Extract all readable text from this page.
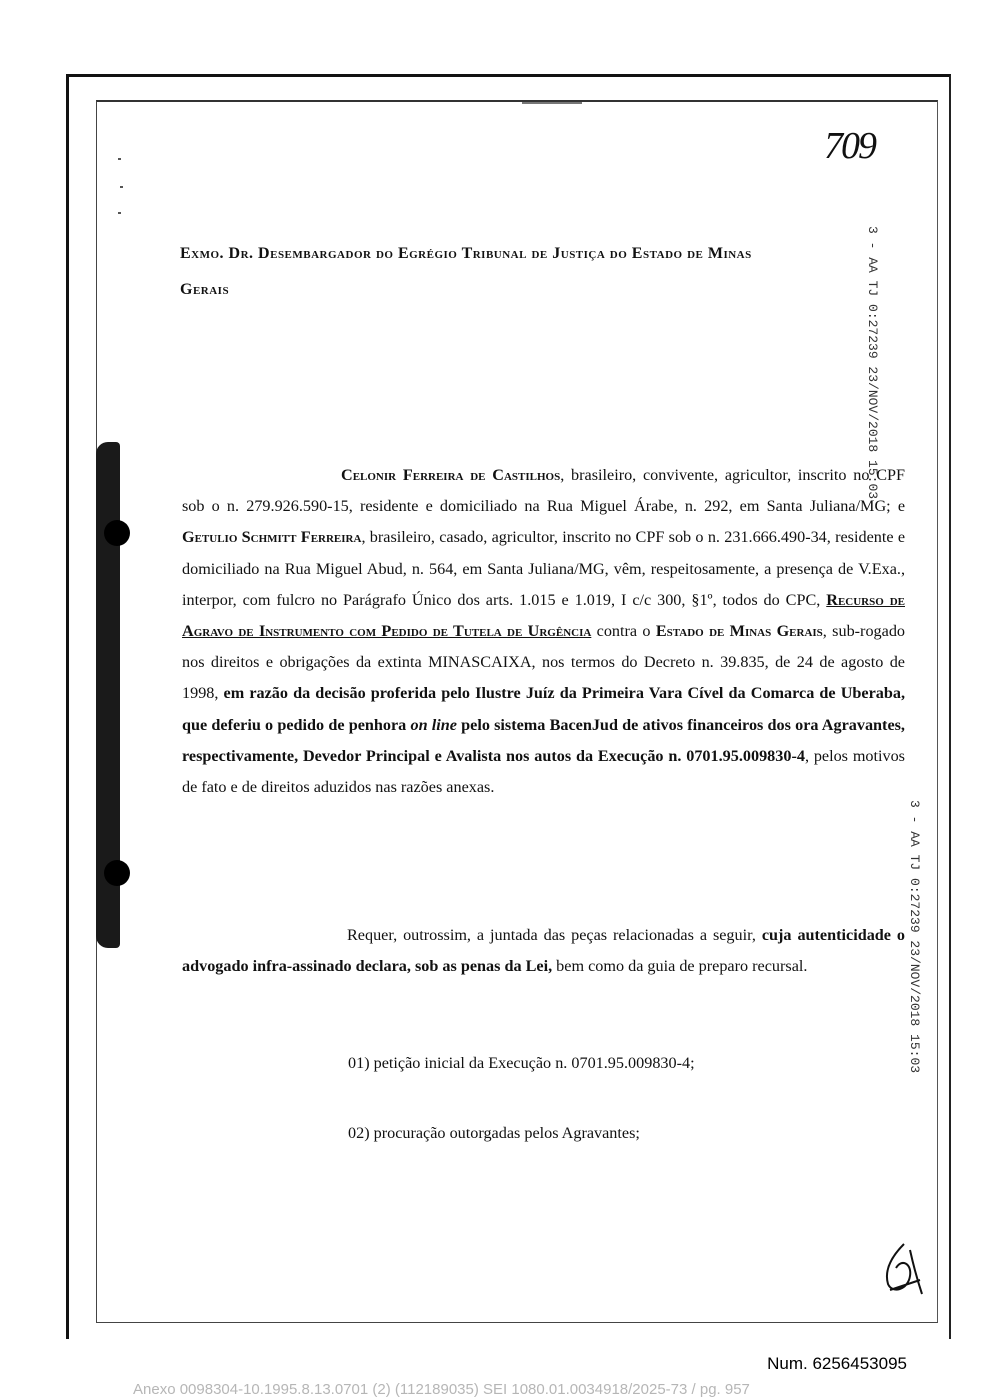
709
Exmo. Dr. Desembargador do Egrégio Tribunal de Justiça do Estado de Minas
Gerais
Celonir Ferreira de Castilhos, brasileiro, convivente, agricultor, inscrito no CPF sob o n. 279.926.590-15, residente e domiciliado na Rua Miguel Árabe, n. 292, em Santa Juliana/MG; e Getulio Schmitt Ferreira, brasileiro, casado, agricultor, inscrito no CPF sob o n. 231.666.490-34, residente e domiciliado na Rua Miguel Abud, n. 564, em Santa Juliana/MG, vêm, respeitosamente, a presença de V.Exa., interpor, com fulcro no Parágrafo Único dos arts. 1.015 e 1.019, I c/c 300, §1º, todos do CPC, Recurso de Agravo de Instrumento com Pedido de Tutela de Urgência contra o Estado de Minas Gerais, sub-rogado nos direitos e obrigações da extinta MINASCAIXA, nos termos do Decreto n. 39.835, de 24 de agosto de 1998, em razão da decisão proferida pelo Ilustre Juíz da Primeira Vara Cível da Comarca de Uberaba, que deferiu o pedido de penhora on line pelo sistema BacenJud de ativos financeiros dos ora Agravantes, respectivamente, Devedor Principal e Avalista nos autos da Execução n. 0701.95.009830-4, pelos motivos de fato e de direitos aduzidos nas razões anexas.
Requer, outrossim, a juntada das peças relacionadas a seguir, cuja autenticidade o advogado infra-assinado declara, sob as penas da Lei, bem como da guia de preparo recursal.
01) petição inicial da Execução n. 0701.95.009830-4;
02) procuração outorgadas pelos Agravantes;
3 - AA TJ 0:27239 23/NOV/2018 15:03
3 - AA TJ 0:27239 23/NOV/2018 15:03
Num. 6256453095
Anexo 0098304-10.1995.8.13.0701 (2) (112189035) SEI 1080.01.0034918/2025-73 / pg. 957
